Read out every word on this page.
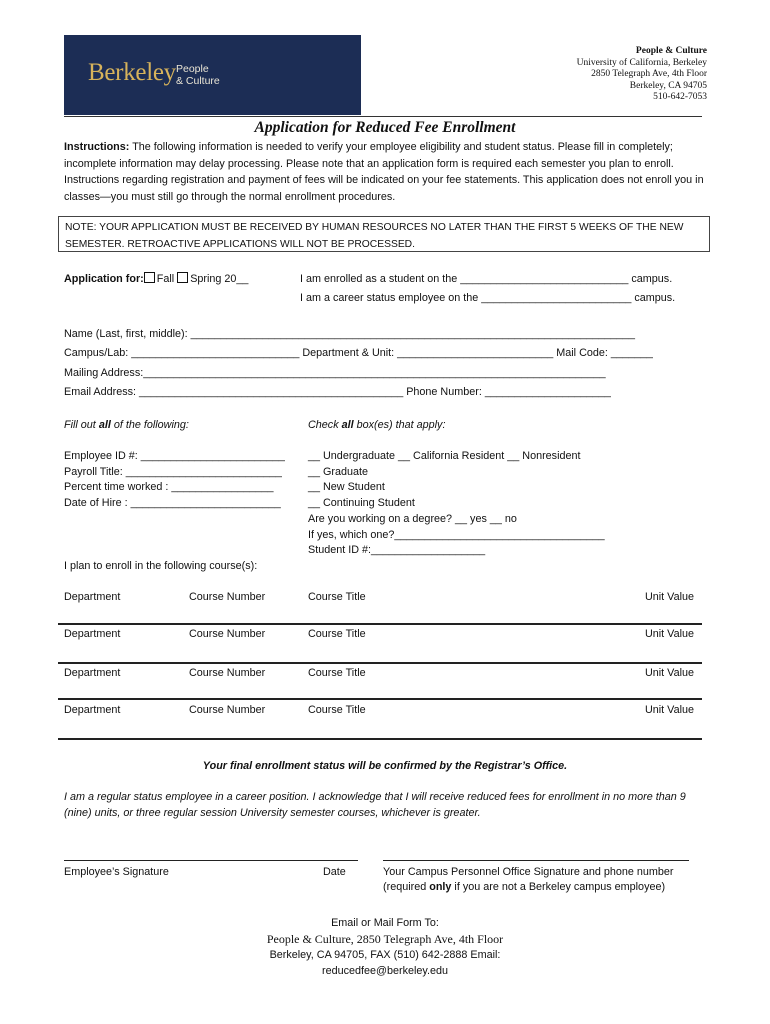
Berkeley People
& Culture
People & Culture
University of California, Berkeley
2850 Telegraph Ave, 4th Floor
Berkeley, CA 94705
510-642-7053
Application for Reduced Fee Enrollment
Instructions: The following information is needed to verify your employee eligibility and student status. Please fill in completely; incomplete information may delay processing. Please note that an application form is required each semester you plan to enroll. Instructions regarding registration and payment of fees will be indicated on your fee statements. This application does not enroll you in classes—you must still go through the normal enrollment procedures.
NOTE: YOUR APPLICATION MUST BE RECEIVED BY HUMAN RESOURCES NO LATER THAN THE FIRST 5 WEEKS OF THE NEW SEMESTER. RETROACTIVE APPLICATIONS WILL NOT BE PROCESSED.
Application for: Fall Spring 20__	I am enrolled as a student on the ____________________________ campus.
I am a career status employee on the _________________________ campus.
Name (Last, first, middle): __________________________________________________________________________
Campus/Lab: ____________________________ Department & Unit: __________________________ Mail Code: _______
Mailing Address:_____________________________________________________________________________
Email Address: ____________________________________________ Phone Number: _____________________
Fill out all of the following:
Employee ID #: ________________________
Payroll Title: __________________________
Percent time worked : _________________
Date of Hire : _________________________
Check all box(es) that apply:
__ Undergraduate __ California Resident __ Nonresident
__ Graduate
__ New Student
__ Continuing Student
Are you working on a degree? __ yes __ no
If yes, which one?___________________________________
Student ID #:___________________
I plan to enroll in the following course(s):
Department	Course Number	Course Title	Unit Value
Department	Course Number	Course Title	Unit Value
Department	Course Number	Course Title	Unit Value
Department	Course Number	Course Title	Unit Value
Your final enrollment status will be confirmed by the Registrar’s Office.
I am a regular status employee in a career position. I acknowledge that I will receive reduced fees for enrollment in no more than 9 (nine) units, or three regular session University semester courses, whichever is greater.
Employee’s Signature	Date	Your Campus Personnel Office Signature and phone number
(required only if you are not a Berkeley campus employee)
Email or Mail Form To:
People & Culture, 2850 Telegraph Ave, 4th Floor
Berkeley, CA 94705, FAX (510) 642-2888 Email:
reducedfee@berkeley.edu
